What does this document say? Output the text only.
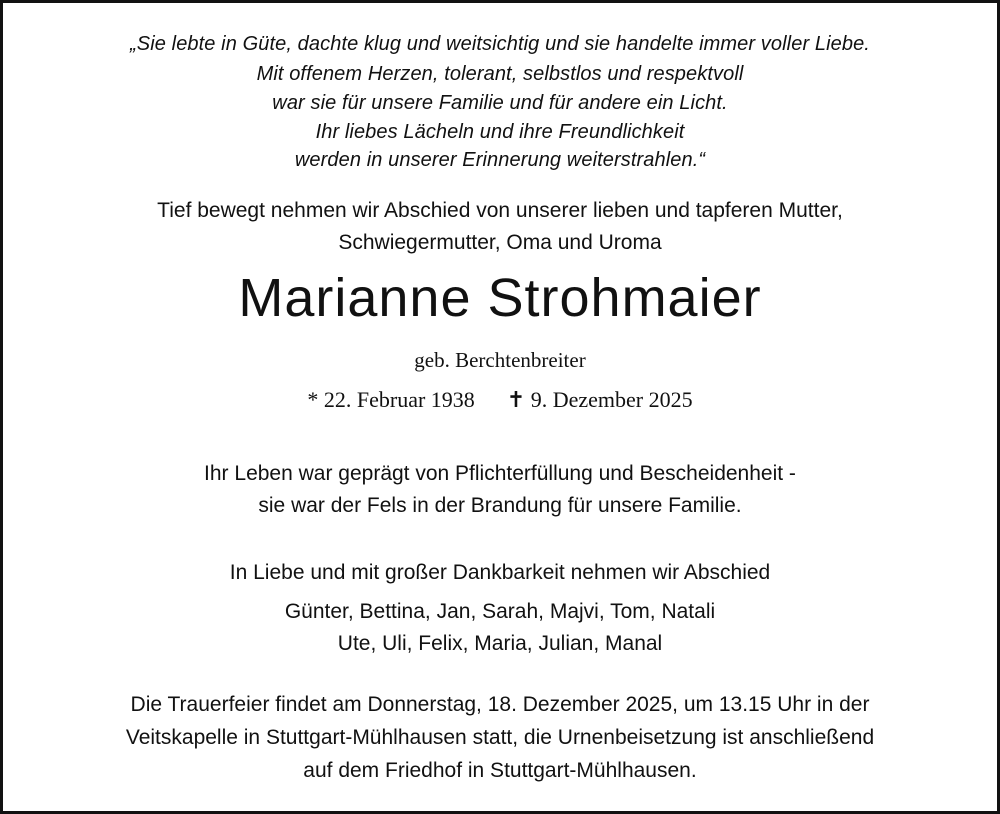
„Sie lebte in Güte, dachte klug und weitsichtig und sie handelte immer voller Liebe.
Mit offenem Herzen, tolerant, selbstlos und respektvoll
war sie für unsere Familie und für andere ein Licht.
Ihr liebes Lächeln und ihre Freundlichkeit
werden in unserer Erinnerung weiterstrahlen.“
Tief bewegt nehmen wir Abschied von unserer lieben und tapferen Mutter,
Schwiegermutter, Oma und Uroma
Marianne Strohmaier
geb. Berchtenbreiter
* 22. Februar 1938 ✝ 9. Dezember 2025
Ihr Leben war geprägt von Pflichterfüllung und Bescheidenheit -
sie war der Fels in der Brandung für unsere Familie.
In Liebe und mit großer Dankbarkeit nehmen wir Abschied
Günter, Bettina, Jan, Sarah, Majvi, Tom, Natali
Ute, Uli, Felix, Maria, Julian, Manal
Die Trauerfeier findet am Donnerstag, 18. Dezember 2025, um 13.15 Uhr in der
Veitskapelle in Stuttgart-Mühlhausen statt, die Urnenbeisetzung ist anschließend
auf dem Friedhof in Stuttgart-Mühlhausen.
